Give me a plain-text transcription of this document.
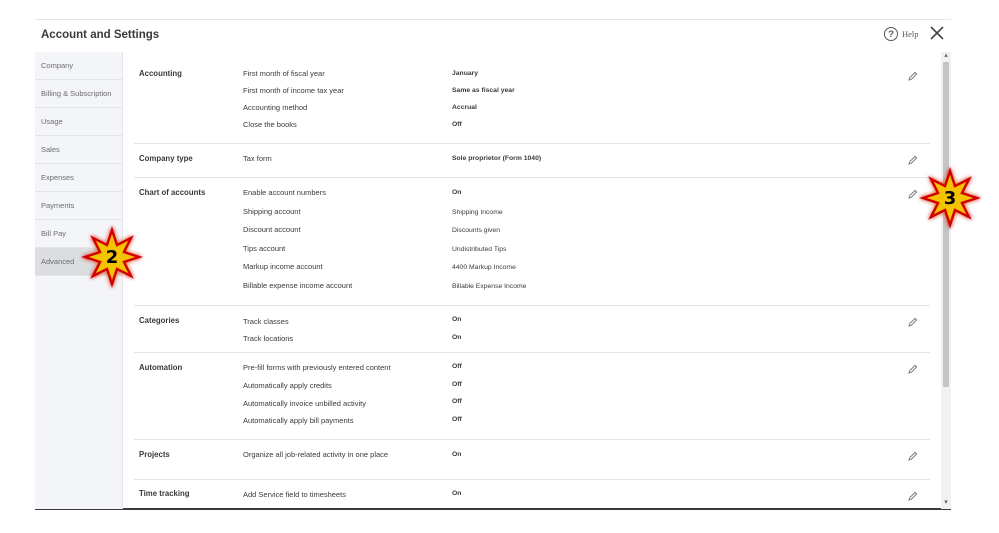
Account and Settings	? Help
Company
Billing & Subscription
Usage
Sales
Expenses
Payments
Bill Pay
Advanced
Accounting	First month of fiscal year	January
First month of income tax year	Same as fiscal year
Accounting method	Accrual
Close the books	Off
Company type	Tax form	Sole proprietor (Form 1040)
Chart of accounts	Enable account numbers	On
Shipping account	Shipping Income
Discount account	Discounts given
Tips account	Undistributed Tips
Markup income account	4400 Markup Income
Billable expense income account	Billable Expense Income
Categories	Track classes	On
Track locations	On
Automation	Pre-fill forms with previously entered content	Off
Automatically apply credits	Off
Automatically invoice unbilled activity	Off
Automatically apply bill payments	Off
Projects	Organize all job-related activity in one place	On
Time tracking	Add Service field to timesheets	On
▴
▾
2
3
